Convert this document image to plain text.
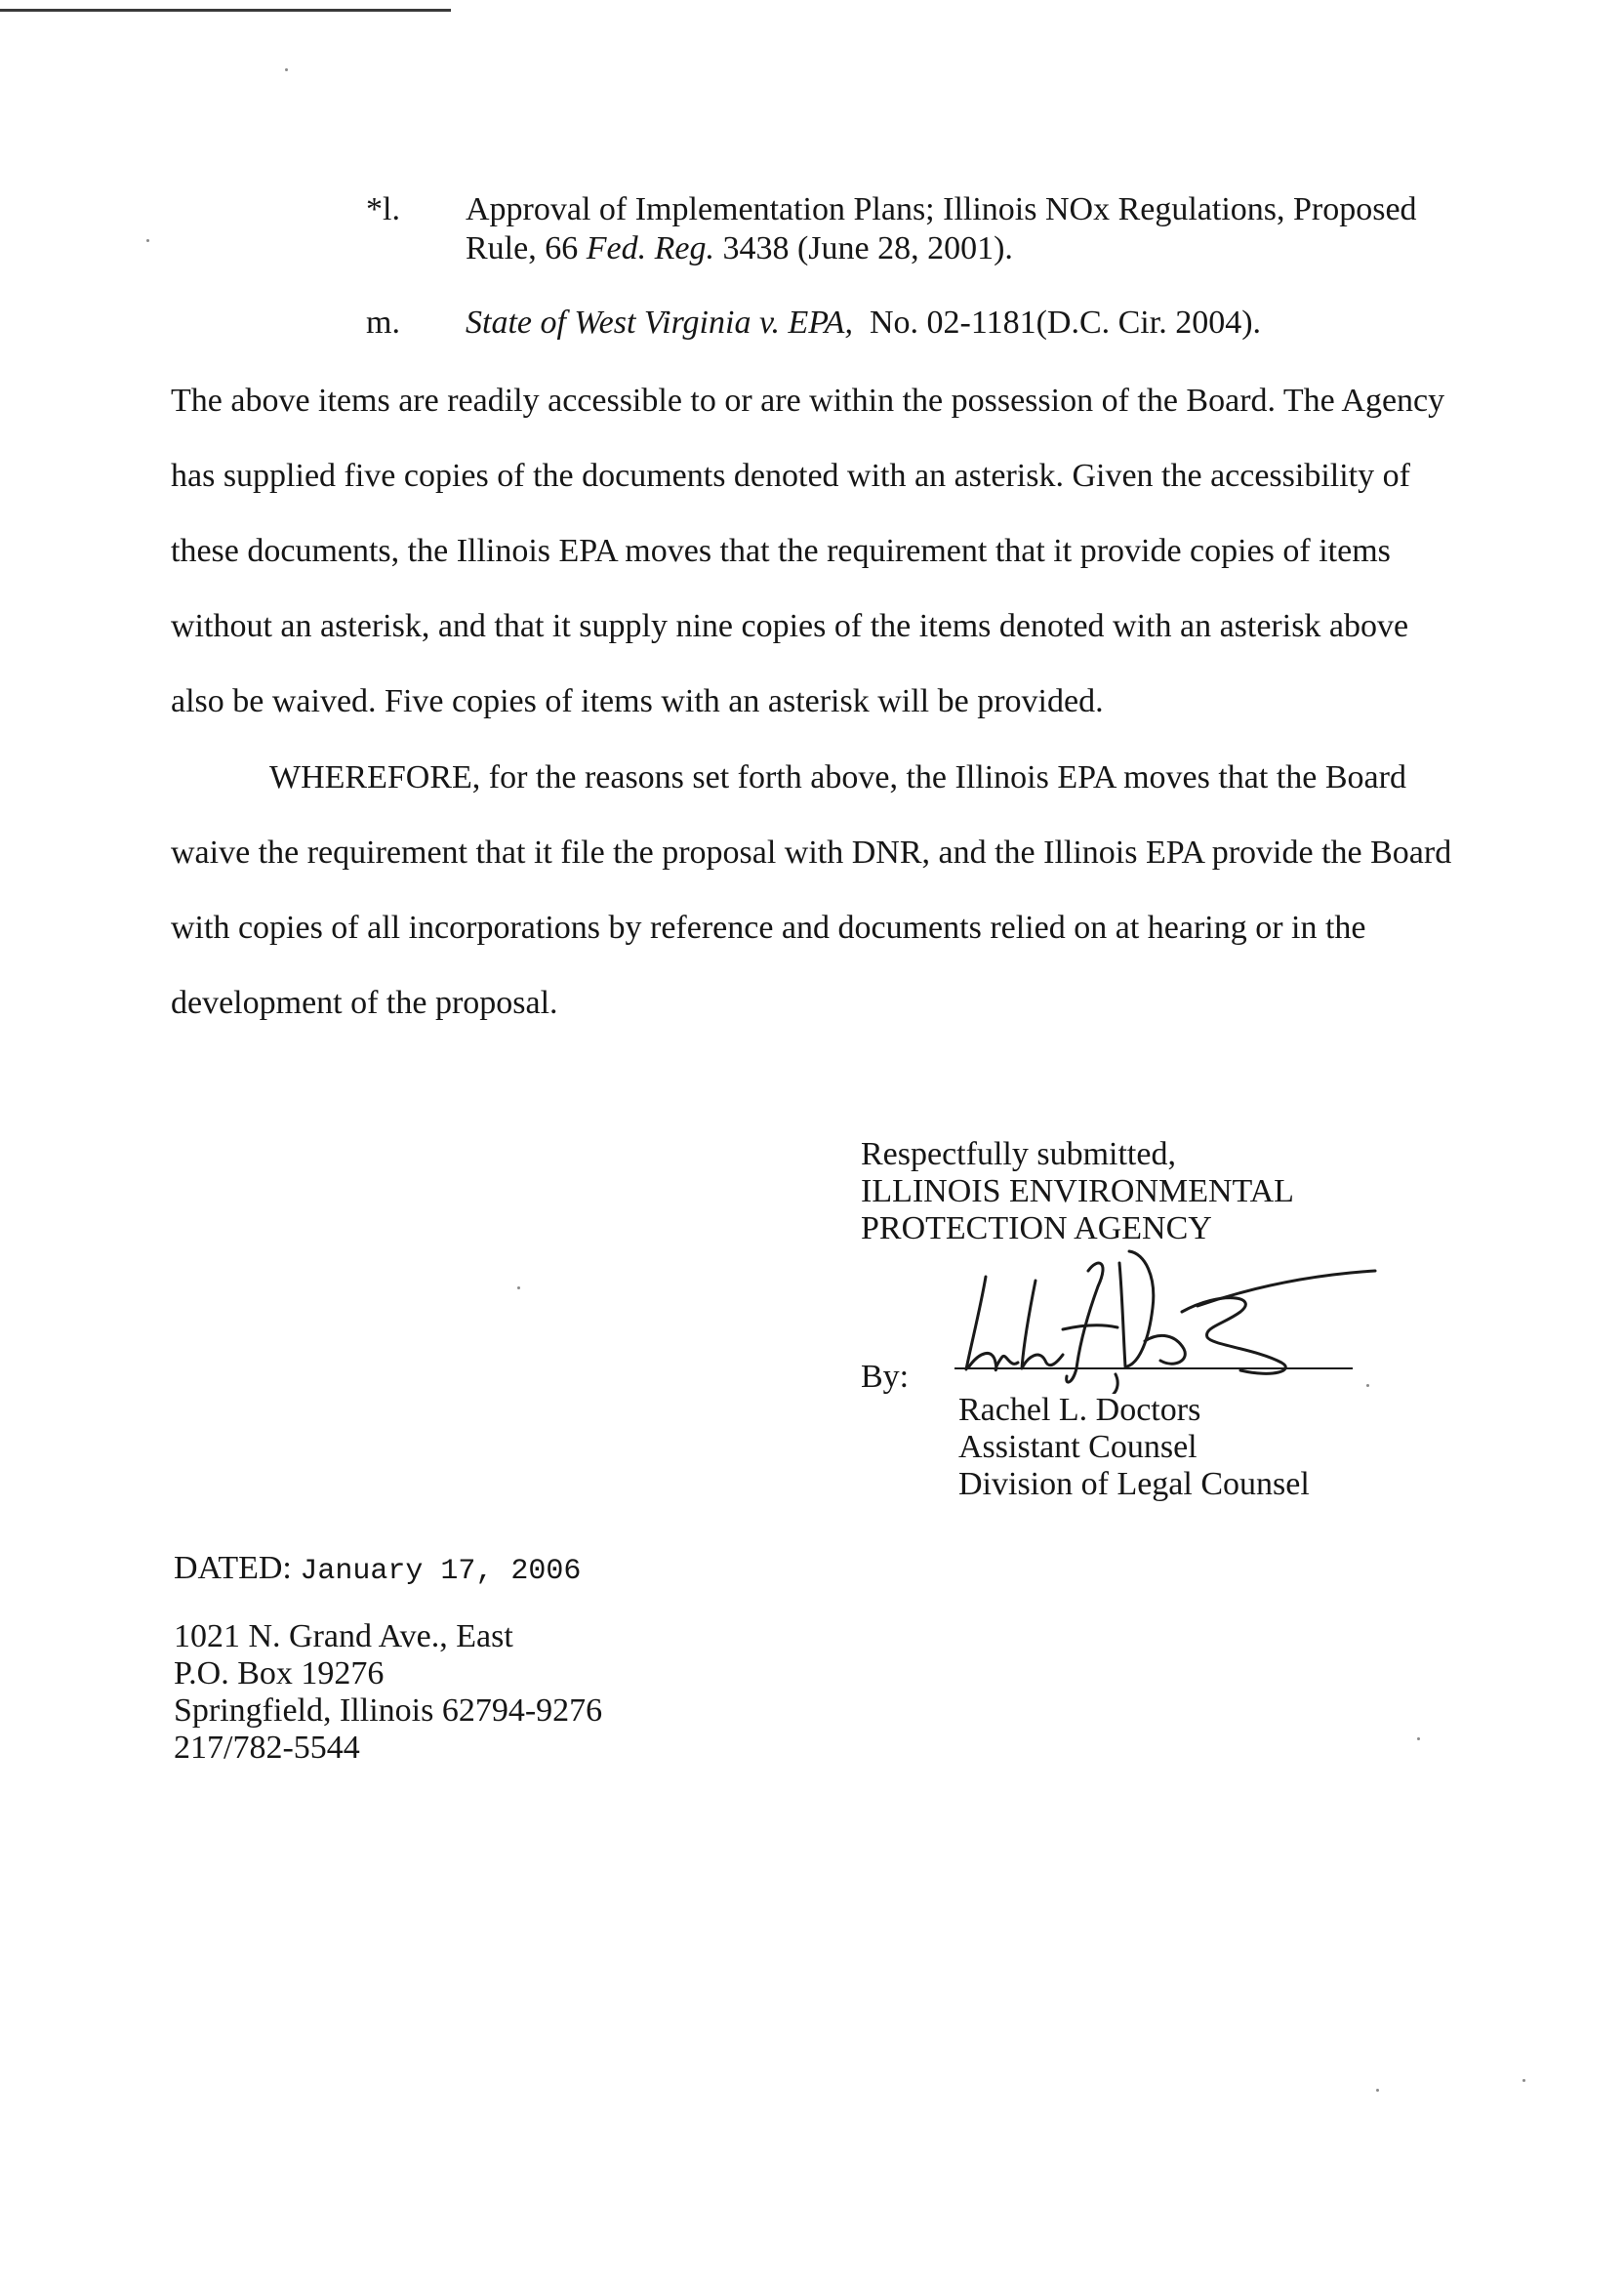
*l. Approval of Implementation Plans; Illinois NOx Regulations, Proposed
Rule, 66 Fed. Reg. 3438 (June 28, 2001).
m. State of West Virginia v. EPA, No. 02-1181(D.C. Cir. 2004).
The above items are readily accessible to or are within the possession of the Board. The Agency
has supplied five copies of the documents denoted with an asterisk. Given the accessibility of
these documents, the Illinois EPA moves that the requirement that it provide copies of items
without an asterisk, and that it supply nine copies of the items denoted with an asterisk above
also be waived. Five copies of items with an asterisk will be provided.
WHEREFORE, for the reasons set forth above, the Illinois EPA moves that the Board
waive the requirement that it file the proposal with DNR, and the Illinois EPA provide the Board
with copies of all incorporations by reference and documents relied on at hearing or in the
development of the proposal.
Respectfully submitted,
ILLINOIS ENVIRONMENTAL
PROTECTION AGENCY
By:
Rachel L. Doctors
Assistant Counsel
Division of Legal Counsel
DATED: January 17, 2006
1021 N. Grand Ave., East
P.O. Box 19276
Springfield, Illinois 62794-9276
217/782-5544
